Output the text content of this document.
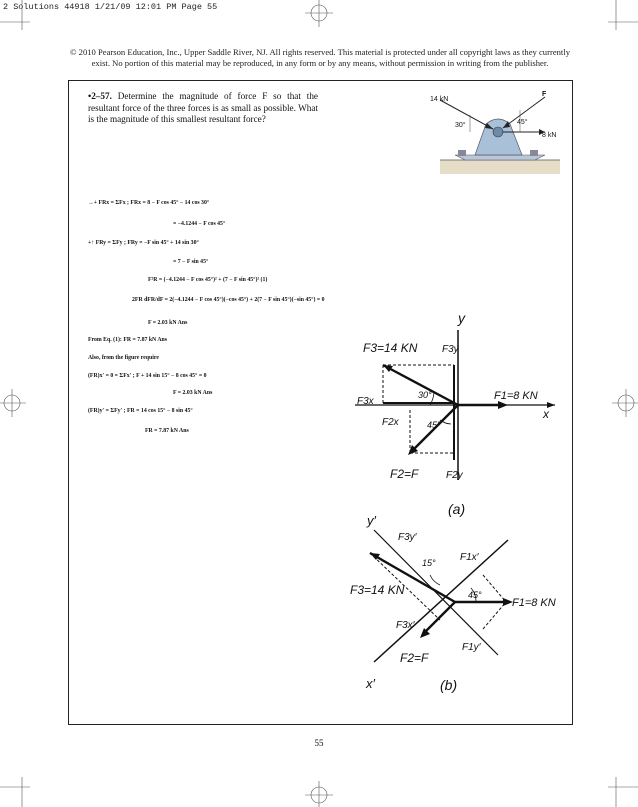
2 Solutions 44918 1/21/09 12:01 PM Page 55
© 2010 Pearson Education, Inc., Upper Saddle River, NJ. All rights reserved. This material is protected under all copyright laws as they currently exist. No portion of this material may be reproduced, in any form or by any means, without permission in writing from the publisher.
•2–57. Determine the magnitude of force F so that the resultant force of the three forces is as small as possible. What is the magnitude of this smallest resultant force?
→+ FRx = ΣFx ; FRx = 8 − F cos 45° − 14 cos 30°
= −4.1244 − F cos 45°
+↑ FRy = ΣFy ; FRy = −F sin 45° + 14 sin 30°
= 7 − F sin 45°
F²R = (−4.1244 − F cos 45°)² + (7 − F sin 45°)² (1)
2FR dFR/dF = 2(−4.1244 − F cos 45°)(−cos 45°) + 2(7 − F sin 45°)(−sin 45°) = 0
F = 2.03 kN Ans
From Eq. (1): FR = 7.87 kN Ans
Also, from the figure require
(FR)x′ = 0 = ΣFx′ ; F + 14 sin 15° − 8 cos 45° = 0
F = 2.03 kN Ans
(FR)y′ = ΣFy′ ; FR = 14 cos 15° − 8 sin 45°
FR = 7.87 kN Ans
14 kN
F
30°	45°
8 kN
y
F3=14 KN F3y
F3x
30°	F1=8 KN
x
F2x	45°
F2=F	F2y
(a)
y′
F3y′
15° F1x′
F3=14 KN	45°
F1=8 KN
F3x′
F1y′
F2=F
x′	(b)
55
